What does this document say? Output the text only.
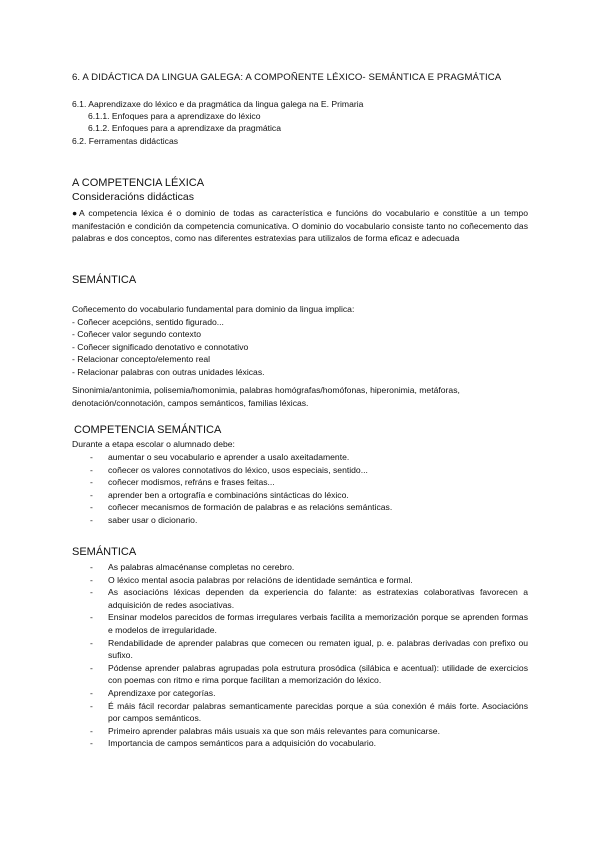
6. A DIDÁCTICA DA LINGUA GALEGA: A COMPOÑENTE LÉXICO- SEMÁNTICA E PRAGMÁTICA
6.1. Aaprendizaxe do léxico e da pragmática da lingua galega na E. Primaria
6.1.1. Enfoques para a aprendizaxe do léxico
6.1.2. Enfoques para a aprendizaxe da pragmática
6.2. Ferramentas didácticas
A COMPETENCIA LÉXICA
Consideracións didácticas
●A competencia léxica é o dominio de todas as característica e funcións do vocabulario e constitúe a un tempo manifestación e condición da competencia comunicativa. O dominio do vocabulario consiste tanto no coñecemento das palabras e dos conceptos, como nas diferentes estratexias para utilizalos de forma eficaz e adecuada
SEMÁNTICA
Coñecemento do vocabulario fundamental para dominio da lingua implica:
- Coñecer acepcións, sentido figurado...
- Coñecer valor segundo contexto
- Coñecer significado denotativo e connotativo
- Relacionar concepto/elemento real
- Relacionar palabras con outras unidades léxicas.
Sinonimia/antonimia, polisemia/homonimia, palabras homógrafas/homófonas, hiperonimia, metáforas, denotación/connotación, campos semánticos, familias léxicas.
COMPETENCIA SEMÁNTICA
Durante a etapa escolar o alumnado debe:
- aumentar o seu vocabulario e aprender a usalo axeitadamente.
- coñecer os valores connotativos do léxico, usos especiais, sentido...
- coñecer modismos, refráns e frases feitas...
- aprender ben a ortografía e combinacións sintácticas do léxico.
- coñecer mecanismos de formación de palabras e as relacións semánticas.
- saber usar o dicionario.
SEMÁNTICA
- As palabras almacénanse completas no cerebro.
- O léxico mental asocia palabras por relacións de identidade semántica e formal.
- As asociacións léxicas dependen da experiencia do falante: as estratexias colaborativas favorecen a adquisición de redes asociativas.
- Ensinar modelos parecidos de formas irregulares verbais facilita a memorización porque se aprenden formas e modelos de irregularidade.
- Rendabilidade de aprender palabras que comecen ou rematen igual, p. e. palabras derivadas con prefixo ou sufixo.
- Pódense aprender palabras agrupadas pola estrutura prosódica (silábica e acentual): utilidade de exercicios con poemas con ritmo e rima porque facilitan a memorización do léxico.
- Aprendizaxe por categorías.
- É máis fácil recordar palabras semanticamente parecidas porque a súa conexión é máis forte. Asociacións por campos semánticos.
- Primeiro aprender palabras máis usuais xa que son máis relevantes para comunicarse.
- Importancia de campos semánticos para a adquisición do vocabulario.
